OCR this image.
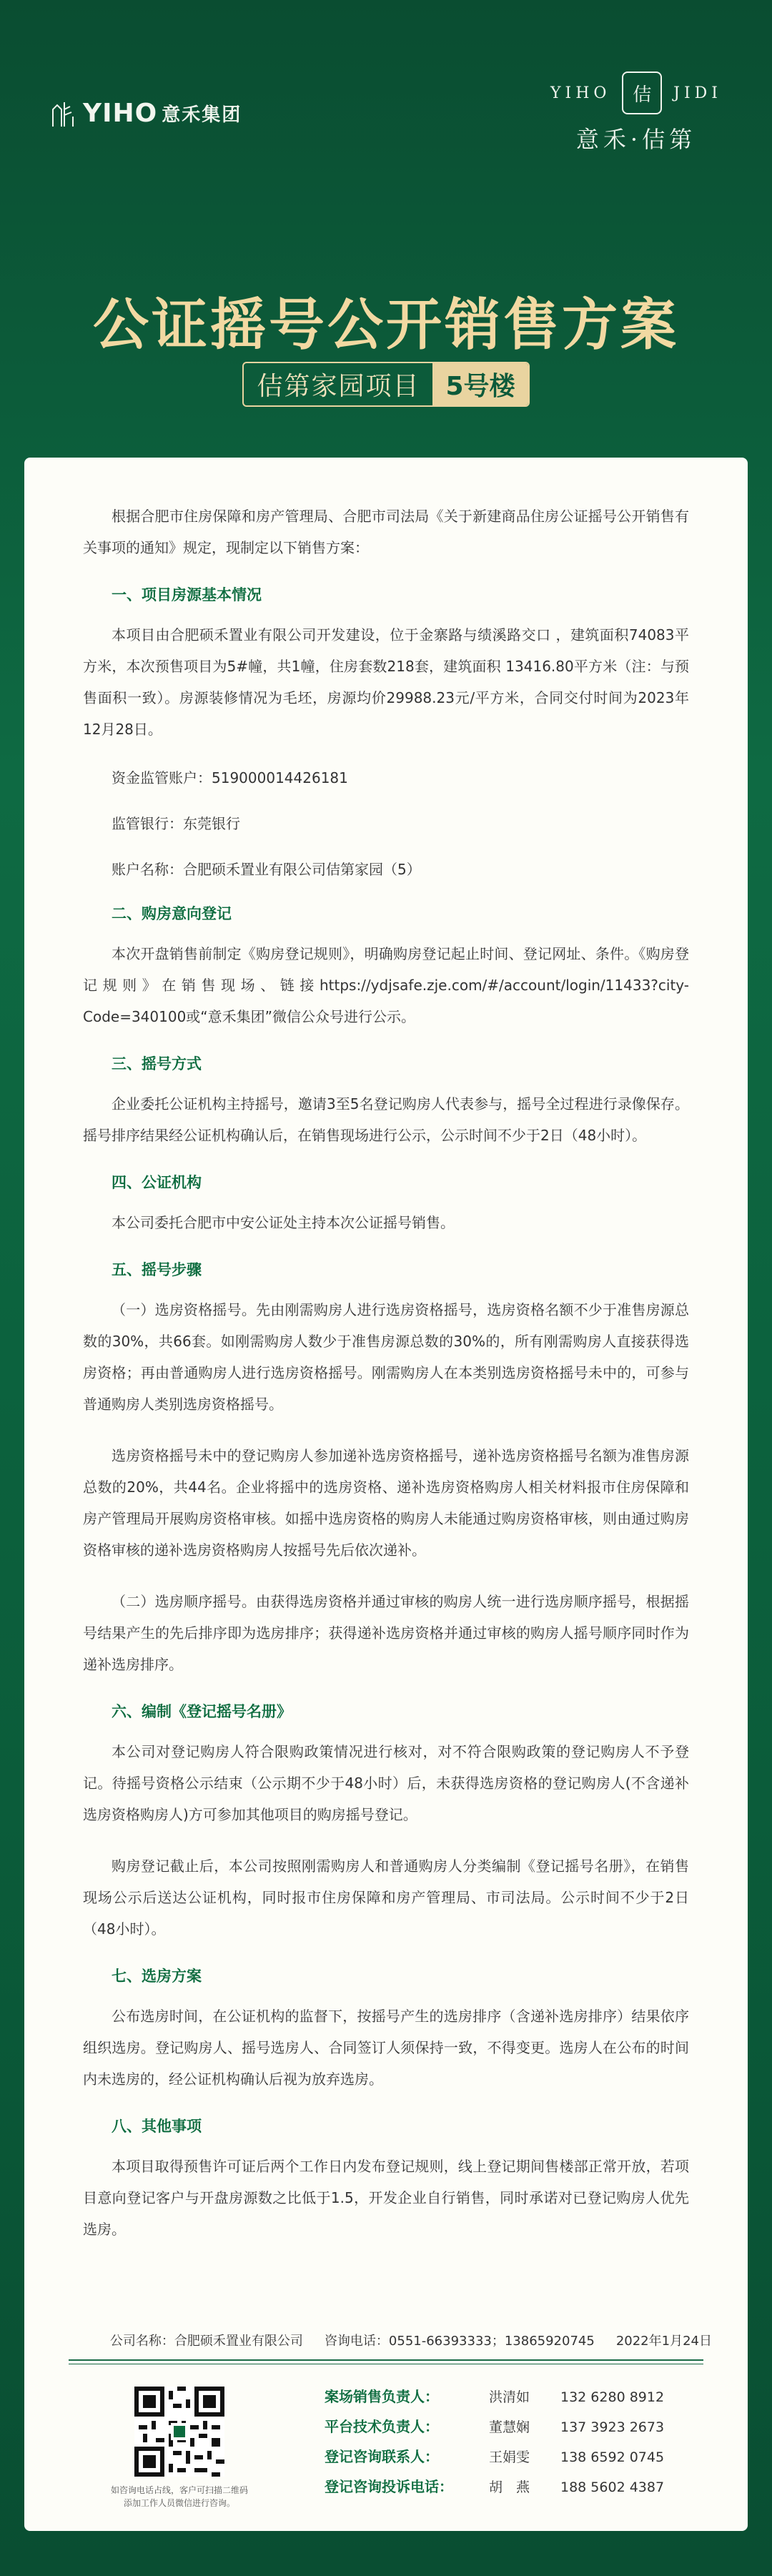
YIHO 意禾集团
YIHO	佶	JIDI
意禾·佶第
公证摇号公开销售方案
佶第家园项目	5号楼

根据合肥市住房保障和房产管理局、合肥市司法局《关于新建商品住房公证摇号公开销售有关事项的通知》规定，现制定以下销售方案：

一、项目房源基本情况

本项目由合肥硕禾置业有限公司开发建设，位于金寨路与绩溪路交口 ，建筑面积74083平方米，本次预售项目为5#幢，共1幢，住房套数218套，建筑面积 13416.80平方米（注：与预售面积一致）。房源装修情况为毛坯，房源均价29988.23元/平方米，合同交付时间为2023年12月28日。

资金监管账户：519000014426181
监管银行：东莞银行
账户名称：合肥硕禾置业有限公司佶第家园（5）
二、购房意向登记

本次开盘销售前制定《购房登记规则》，明确购房登记起止时间、登记网址、条件。《购房登记规则》在销售现场、链接https://ydjsafe.zje.com/#/account/login/11433?city-Code=340100或“意禾集团”微信公众号进行公示。

三、摇号方式

企业委托公证机构主持摇号，邀请3至5名登记购房人代表参与，摇号全过程进行录像保存。摇号排序结果经公证机构确认后，在销售现场进行公示，公示时间不少于2日（48小时）。

四、公证机构

本公司委托合肥市中安公证处主持本次公证摇号销售。

五、摇号步骤

（一）选房资格摇号。先由刚需购房人进行选房资格摇号，选房资格名额不少于准售房源总数的30%，共66套。如刚需购房人数少于准售房源总数的30%的，所有刚需购房人直接获得选房资格；再由普通购房人进行选房资格摇号。刚需购房人在本类别选房资格摇号未中的，可参与普通购房人类别选房资格摇号。

选房资格摇号未中的登记购房人参加递补选房资格摇号，递补选房资格摇号名额为准售房源总数的20%，共44名。企业将摇中的选房资格、递补选房资格购房人相关材料报市住房保障和房产管理局开展购房资格审核。如摇中选房资格的购房人未能通过购房资格审核，则由通过购房资格审核的递补选房资格购房人按摇号先后依次递补。

（二）选房顺序摇号。由获得选房资格并通过审核的购房人统一进行选房顺序摇号，根据摇号结果产生的先后排序即为选房排序；获得递补选房资格并通过审核的购房人摇号顺序同时作为递补选房排序。

六、编制《登记摇号名册》

本公司对登记购房人符合限购政策情况进行核对，对不符合限购政策的登记购房人不予登记。待摇号资格公示结束（公示期不少于48小时）后，未获得选房资格的登记购房人(不含递补选房资格购房人)方可参加其他项目的购房摇号登记。

购房登记截止后，本公司按照刚需购房人和普通购房人分类编制《登记摇号名册》，在销售现场公示后送达公证机构，同时报市住房保障和房产管理局、市司法局。公示时间不少于2日（48小时）。

七、选房方案

公布选房时间，在公证机构的监督下，按摇号产生的选房排序（含递补选房排序）结果依序组织选房。登记购房人、摇号选房人、合同签订人须保持一致，不得变更。选房人在公布的时间内未选房的，经公证机构确认后视为放弃选房。

八、其他事项

本项目取得预售许可证后两个工作日内发布登记规则，线上登记期间售楼部正常开放，若项目意向登记客户与开盘房源数之比低于1.5，开发企业自行销售，同时承诺对已登记购房人优先选房。

公司名称：合肥硕禾置业有限公司 咨询电话：0551-66393333；13865920745 2022年1月24日
如咨询电话占线，客户可扫描二维码
添加工作人员微信进行咨询。
案场销售负责人：	洪清如	132 6280 8912
平台技术负责人：	董慧娴	137 3923 2673
登记咨询联系人：	王娟雯	138 6592 0745
登记咨询投诉电话：	胡　燕	188 5602 4387
